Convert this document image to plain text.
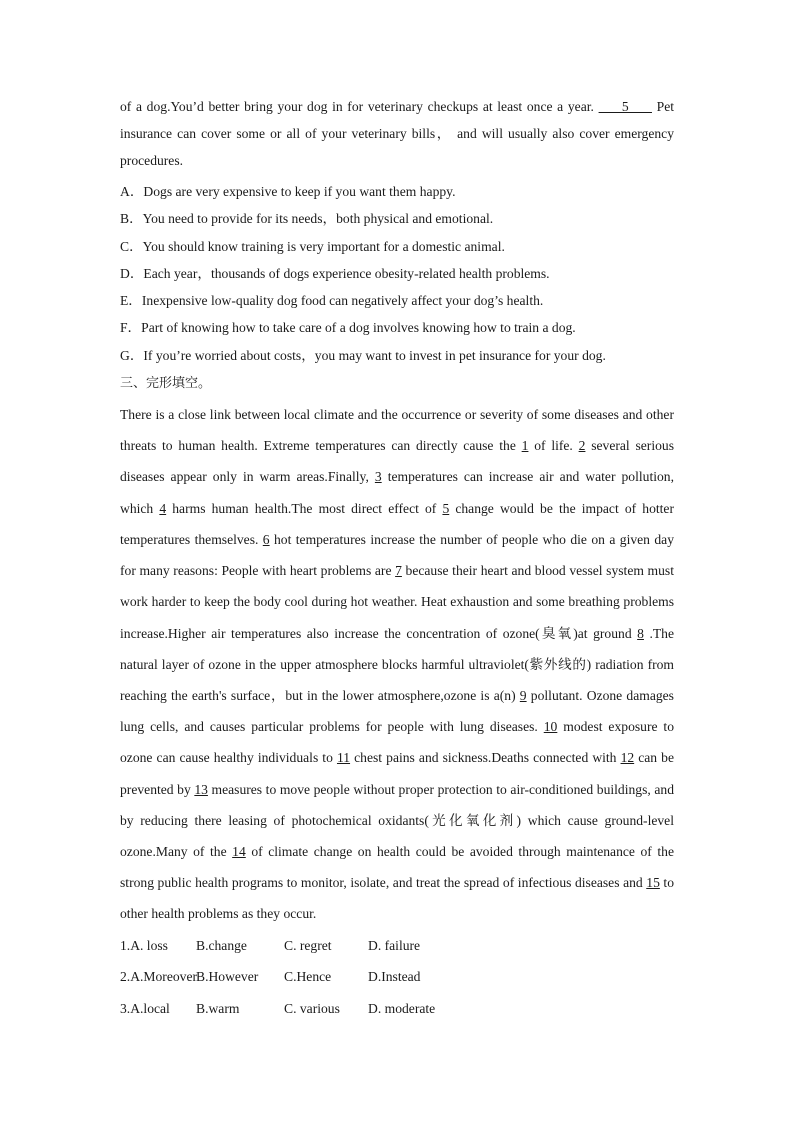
of a dog.You’d better bring your dog in for veterinary checkups at least once a year.      5      Pet insurance can cover some or all of your veterinary bills， and will usually also cover emergency procedures.

A．Dogs are very expensive to keep if you want them happy.
B．You need to provide for its needs，both physical and emotional.
C．You should know training is very important for a domestic animal.
D．Each year，thousands of dogs experience obesity-related health problems.
E．Inexpensive low-quality dog food can negatively affect your dog’s health.
F．Part of knowing how to take care of a dog involves knowing how to train a dog.
G．If you’re worried about costs，you may want to invest in pet insurance for your dog.
三、完形填空。

There is a close link between local climate and the occurrence or severity of some diseases and other threats to human health. Extreme temperatures can directly cause the 1 of life. 2 several serious diseases appear only in warm areas.Finally, 3 temperatures can increase air and water pollution, which 4 harms human health.The most direct effect of 5 change would be the impact of hotter temperatures themselves. 6 hot temperatures increase the number of people who die on a given day for many reasons: People with heart problems are 7 because their heart and blood vessel system must work harder to keep the body cool during hot weather. Heat exhaustion and some breathing problems increase.Higher air temperatures also increase the concentration of ozone(臭氧)at ground 8 .The natural layer of ozone in the upper atmosphere blocks harmful ultraviolet(紫外线的) radiation from reaching the earth's surface，but in the lower atmosphere,ozone is a(n) 9 pollutant. Ozone damages lung cells, and causes particular problems for people with lung diseases. 10 modest exposure to ozone can cause healthy individuals to 11 chest pains and sickness.Deaths connected with 12 can be prevented by 13 measures to move people without proper protection to air-conditioned buildings, and by reducing there leasing of photochemical oxidants(光化氧化剂) which cause ground-level ozone.Many of the 14 of climate change on health could be avoided through maintenance of the strong public health programs to monitor, isolate, and treat the spread of infectious diseases and 15 to other health problems as they occur.

1.A. loss B.change	C. regret	D. failure
2.A.MoreoverB.However C.Hence	D.Instead
3.A.local B.warm	C. various D. moderate
